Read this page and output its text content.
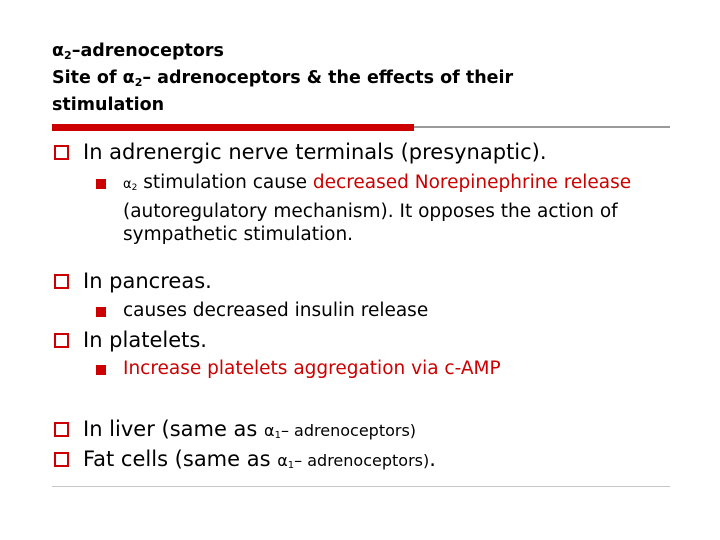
$\alpha_2$–adrenoceptors
Site of $\alpha_2-$ adrenoceptors & the effects of their
stimulation
In adrenergic nerve terminals (presynaptic).
$\alpha_2$ stimulation cause decreased Norepinephrine release (autoregulatory mechanism). It opposes the action of sympathetic stimulation.
In pancreas.
causes decreased insulin release
In platelets.
Increase platelets aggregation via c-AMP
In liver (same as $\alpha_1-$ adrenoceptors)
Fat cells (same as $\alpha_1-$ adrenoceptors).
